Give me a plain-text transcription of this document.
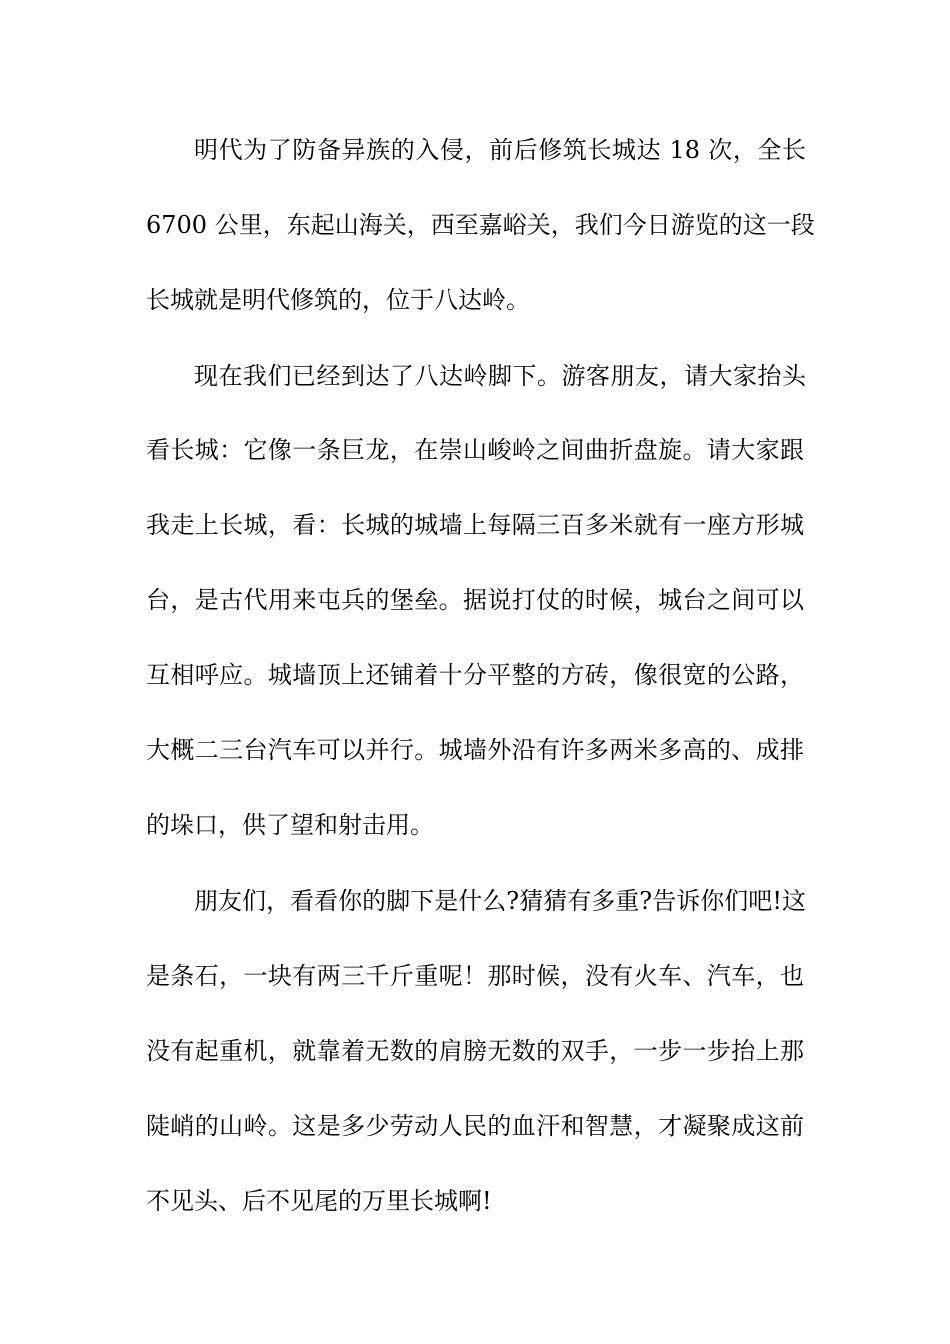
明代为了防备异族的入侵，前后修筑长城达 18 次，全长
6700 公里，东起山海关，西至嘉峪关，我们今日游览的这一段
长城就是明代修筑的，位于八达岭。
现在我们已经到达了八达岭脚下。游客朋友，请大家抬头
看长城：它像一条巨龙，在崇山峻岭之间曲折盘旋。请大家跟
我走上长城，看：长城的城墙上每隔三百多米就有一座方形城
台，是古代用来屯兵的堡垒。据说打仗的时候，城台之间可以
互相呼应。城墙顶上还铺着十分平整的方砖，像很宽的公路，
大概二三台汽车可以并行。城墙外沿有许多两米多高的、成排
的垛口，供了望和射击用。
朋友们，看看你的脚下是什么?猜猜有多重?告诉你们吧!这
是条石，一块有两三千斤重呢！那时候，没有火车、汽车，也
没有起重机，就靠着无数的肩膀无数的双手，一步一步抬上那
陡峭的山岭。这是多少劳动人民的血汗和智慧，才凝聚成这前
不见头、后不见尾的万里长城啊!
